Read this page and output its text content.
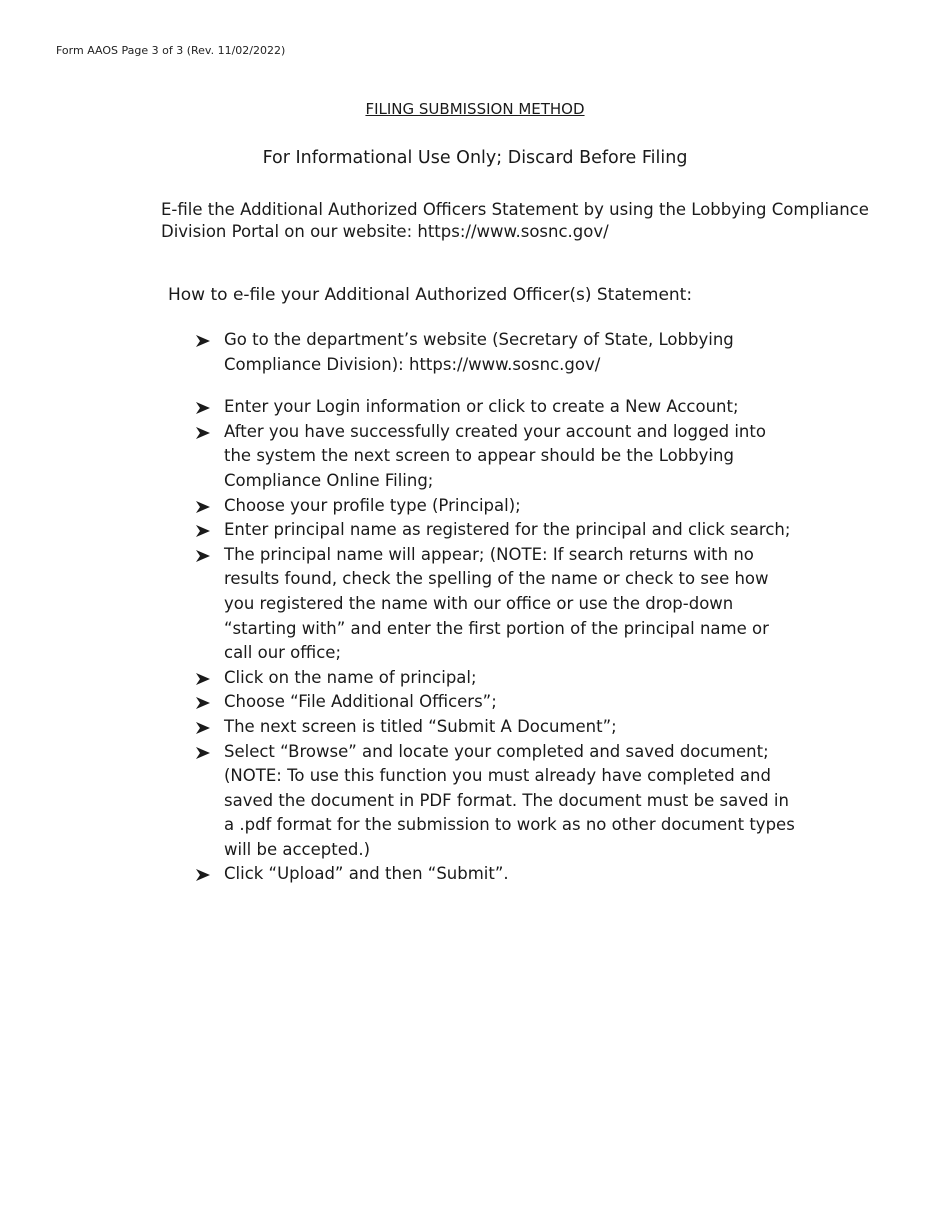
Form AAOS Page 3 of 3 (Rev. 11/02/2022)
FILING SUBMISSION METHOD
For Informational Use Only; Discard Before Filing
E-file the Additional Authorized Officers Statement by using the Lobbying Compliance Division Portal on our website: https://www.sosnc.gov/
How to e-file your Additional Authorized Officer(s) Statement:
Go to the department’s website (Secretary of State, Lobbying Compliance Division): https://www.sosnc.gov/
Enter your Login information or click to create a New Account;
After you have successfully created your account and logged into the system the next screen to appear should be the Lobbying Compliance Online Filing;
Choose your profile type (Principal);
Enter principal name as registered for the principal and click search;
The principal name will appear; (NOTE: If search returns with no results found, check the spelling of the name or check to see how you registered the name with our office or use the drop-down “starting with” and enter the first portion of the principal name or call our office;
Click on the name of principal;
Choose “File Additional Officers”;
The next screen is titled “Submit A Document”;
Select “Browse” and locate your completed and saved document; (NOTE: To use this function you must already have completed and saved the document in PDF format. The document must be saved in a .pdf format for the submission to work as no other document types will be accepted.)
Click “Upload” and then “Submit”.
